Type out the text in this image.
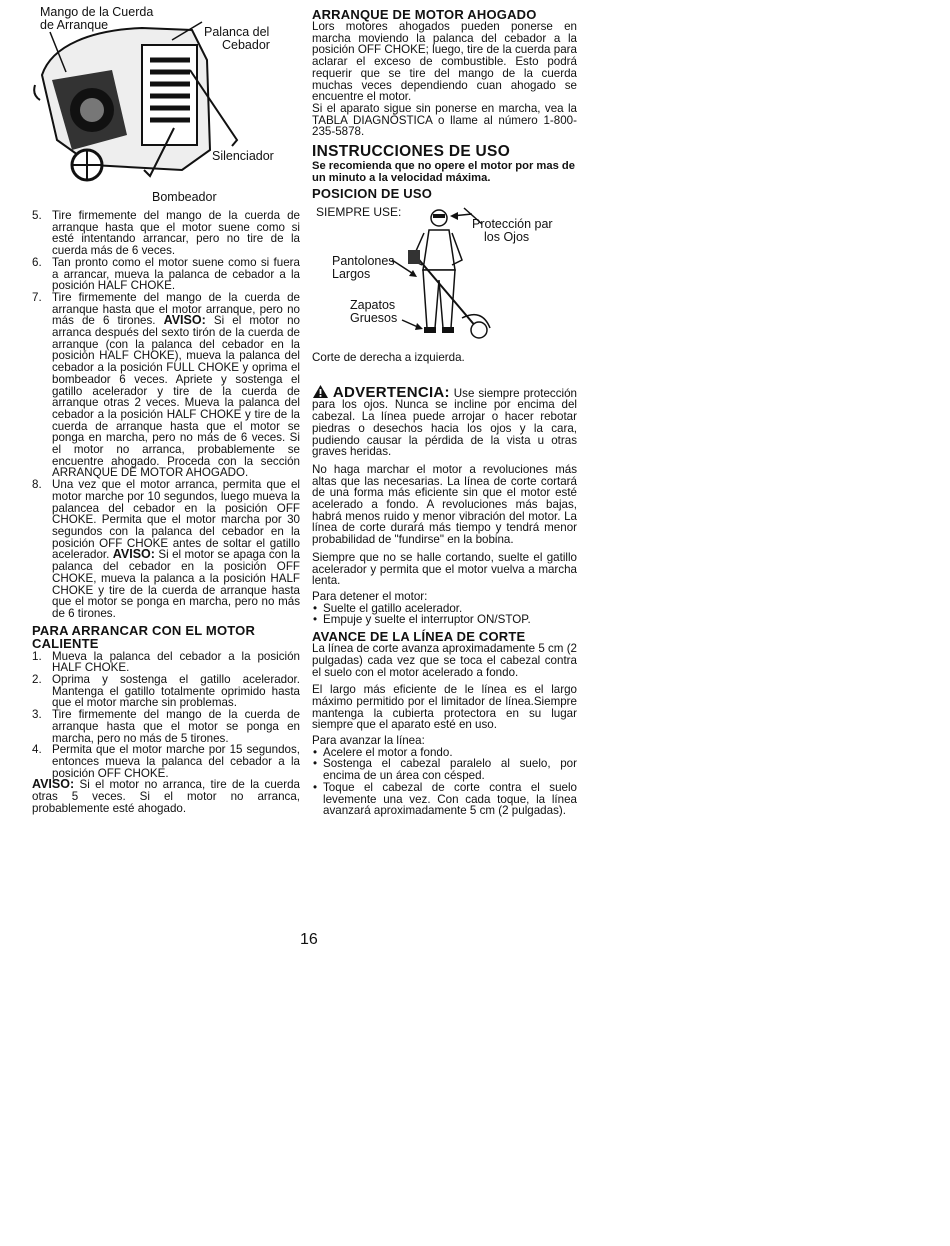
Mango de la Cuerda
de Arranque	Palanca del
Cebador
Silenciador
Bombeador
5. Tire firmemente del mango de la cuerda de arranque hasta que el motor suene como si esté intentando arrancar, pero no tire de la cuerda más de 6 veces.
6. Tan pronto como el motor suene como si fuera a arrancar, mueva la palanca de cebador a la posición HALF CHOKE.
7. Tire firmemente del mango de la cuerda de arranque hasta que el motor arranque, pero no más de 6 tirones. AVISO: Si el motor no arranca después del sexto tirón de la cuerda de arranque (con la palanca del cebador en la posición HALF CHOKE), mueva la palanca del cebador a la posición FULL CHOKE y oprima el bombeador 6 veces. Apriete y sostenga el gatillo acelerador y tire de la cuerda de arranque otras 2 veces. Mueva la palanca del cebador a la posición HALF CHOKE y tire de la cuerda de arranque hasta que el motor se ponga en marcha, pero no más de 6 veces. Si el motor no arranca, probablemente se encuentre ahogado. Proceda con la sección ARRANQUE DE MOTOR AHOGADO.
8. Una vez que el motor arranca, permita que el motor marche por 10 segundos, luego mueva la palancea del cebador en la posición OFF CHOKE. Permita que el motor marcha por 30 segundos con la palanca del cebador en la posición OFF CHOKE antes de soltar el gatillo acelerador. AVISO: Si el motor se apaga con la palanca del cebador en la posición OFF CHOKE, mueva la palanca a la posición HALF CHOKE y tire de la cuerda de arranque hasta que el motor se ponga en marcha, pero no más de 6 tirones.
PARA ARRANCAR CON EL MOTOR CALIENTE
1. Mueva la palanca del cebador a la posición HALF CHOKE.
2. Oprima y sostenga el gatillo acelerador. Mantenga el gatillo totalmente oprimido hasta que el motor marche sin problemas.
3. Tire firmemente del mango de la cuerda de arranque hasta que el motor se ponga en marcha, pero no más de 5 tirones.
4. Permita que el motor marche por 15 segundos, entonces mueva la palanca del cebador a la posición OFF CHOKE.

AVISO: Si el motor no arranca, tire de la cuerda otras 5 veces. Si el motor no arranca, probablemente esté ahogado.

ARRANQUE DE MOTOR AHOGADO

Lors motores ahogados pueden ponerse en marcha moviendo la palanca del cebador a la posición OFF CHOKE; luego, tire de la cuerda para aclarar el exceso de combustible. Esto podrá requerir que se tire del mango de la cuerda muchas veces dependiendo cuan ahogado se encuentre el motor.

Si el aparato sigue sin ponerse en marcha, vea la TABLA DIAGNÓSTICA o llame al número 1-800-235-5878.

INSTRUCCIONES DE USO

Se recomienda que no opere el motor por mas de un minuto a la velocidad máxima.

POSICION DE USO
SIEMPRE USE:
Protección par
los Ojos
Pantolones
Largos
Zapatos
Gruesos

Corte de derecha a izquierda.

ADVERTENCIA: Use siempre protección para los ojos. Nunca se incline por encima del cabezal. La línea puede arrojar o hacer rebotar piedras o desechos hacia los ojos y la cara, pudiendo causar la pérdida de la vista u otras graves heridas.

No haga marchar el motor a revoluciones más altas que las necesarias. La línea de corte cortará de una forma más eficiente sin que el motor esté acelerado a fondo. A revoluciones más bajas, habrá menos ruido y menor vibración del motor. La línea de corte durará más tiempo y tendrá menor probabilidad de "fundirse" en la bobina.

Siempre que no se halle cortando, suelte el gatillo acelerador y permita que el motor vuelva a marcha lenta.

Para detener el motor:

• Suelte el gatillo acelerador.
• Empuje y suelte el interruptor ON/STOP.
AVANCE DE LA LÍNEA DE CORTE

La línea de corte avanza aproximadamente 5 cm (2 pulgadas) cada vez que se toca el cabezal contra el suelo con el motor acelerado a fondo.

El largo más eficiente de le línea es el largo máximo permitido por el limitador de línea.Siempre mantenga la cubierta protectora en su lugar siempre que el aparato esté en uso.

Para avanzar la línea:

• Acelere el motor a fondo.
• Sostenga el cabezal paralelo al suelo, por encima de un área con césped.
• Toque el cabezal de corte contra el suelo levemente una vez. Con cada toque, la línea avanzará aproximadamente 5 cm (2 pulgadas).
16
